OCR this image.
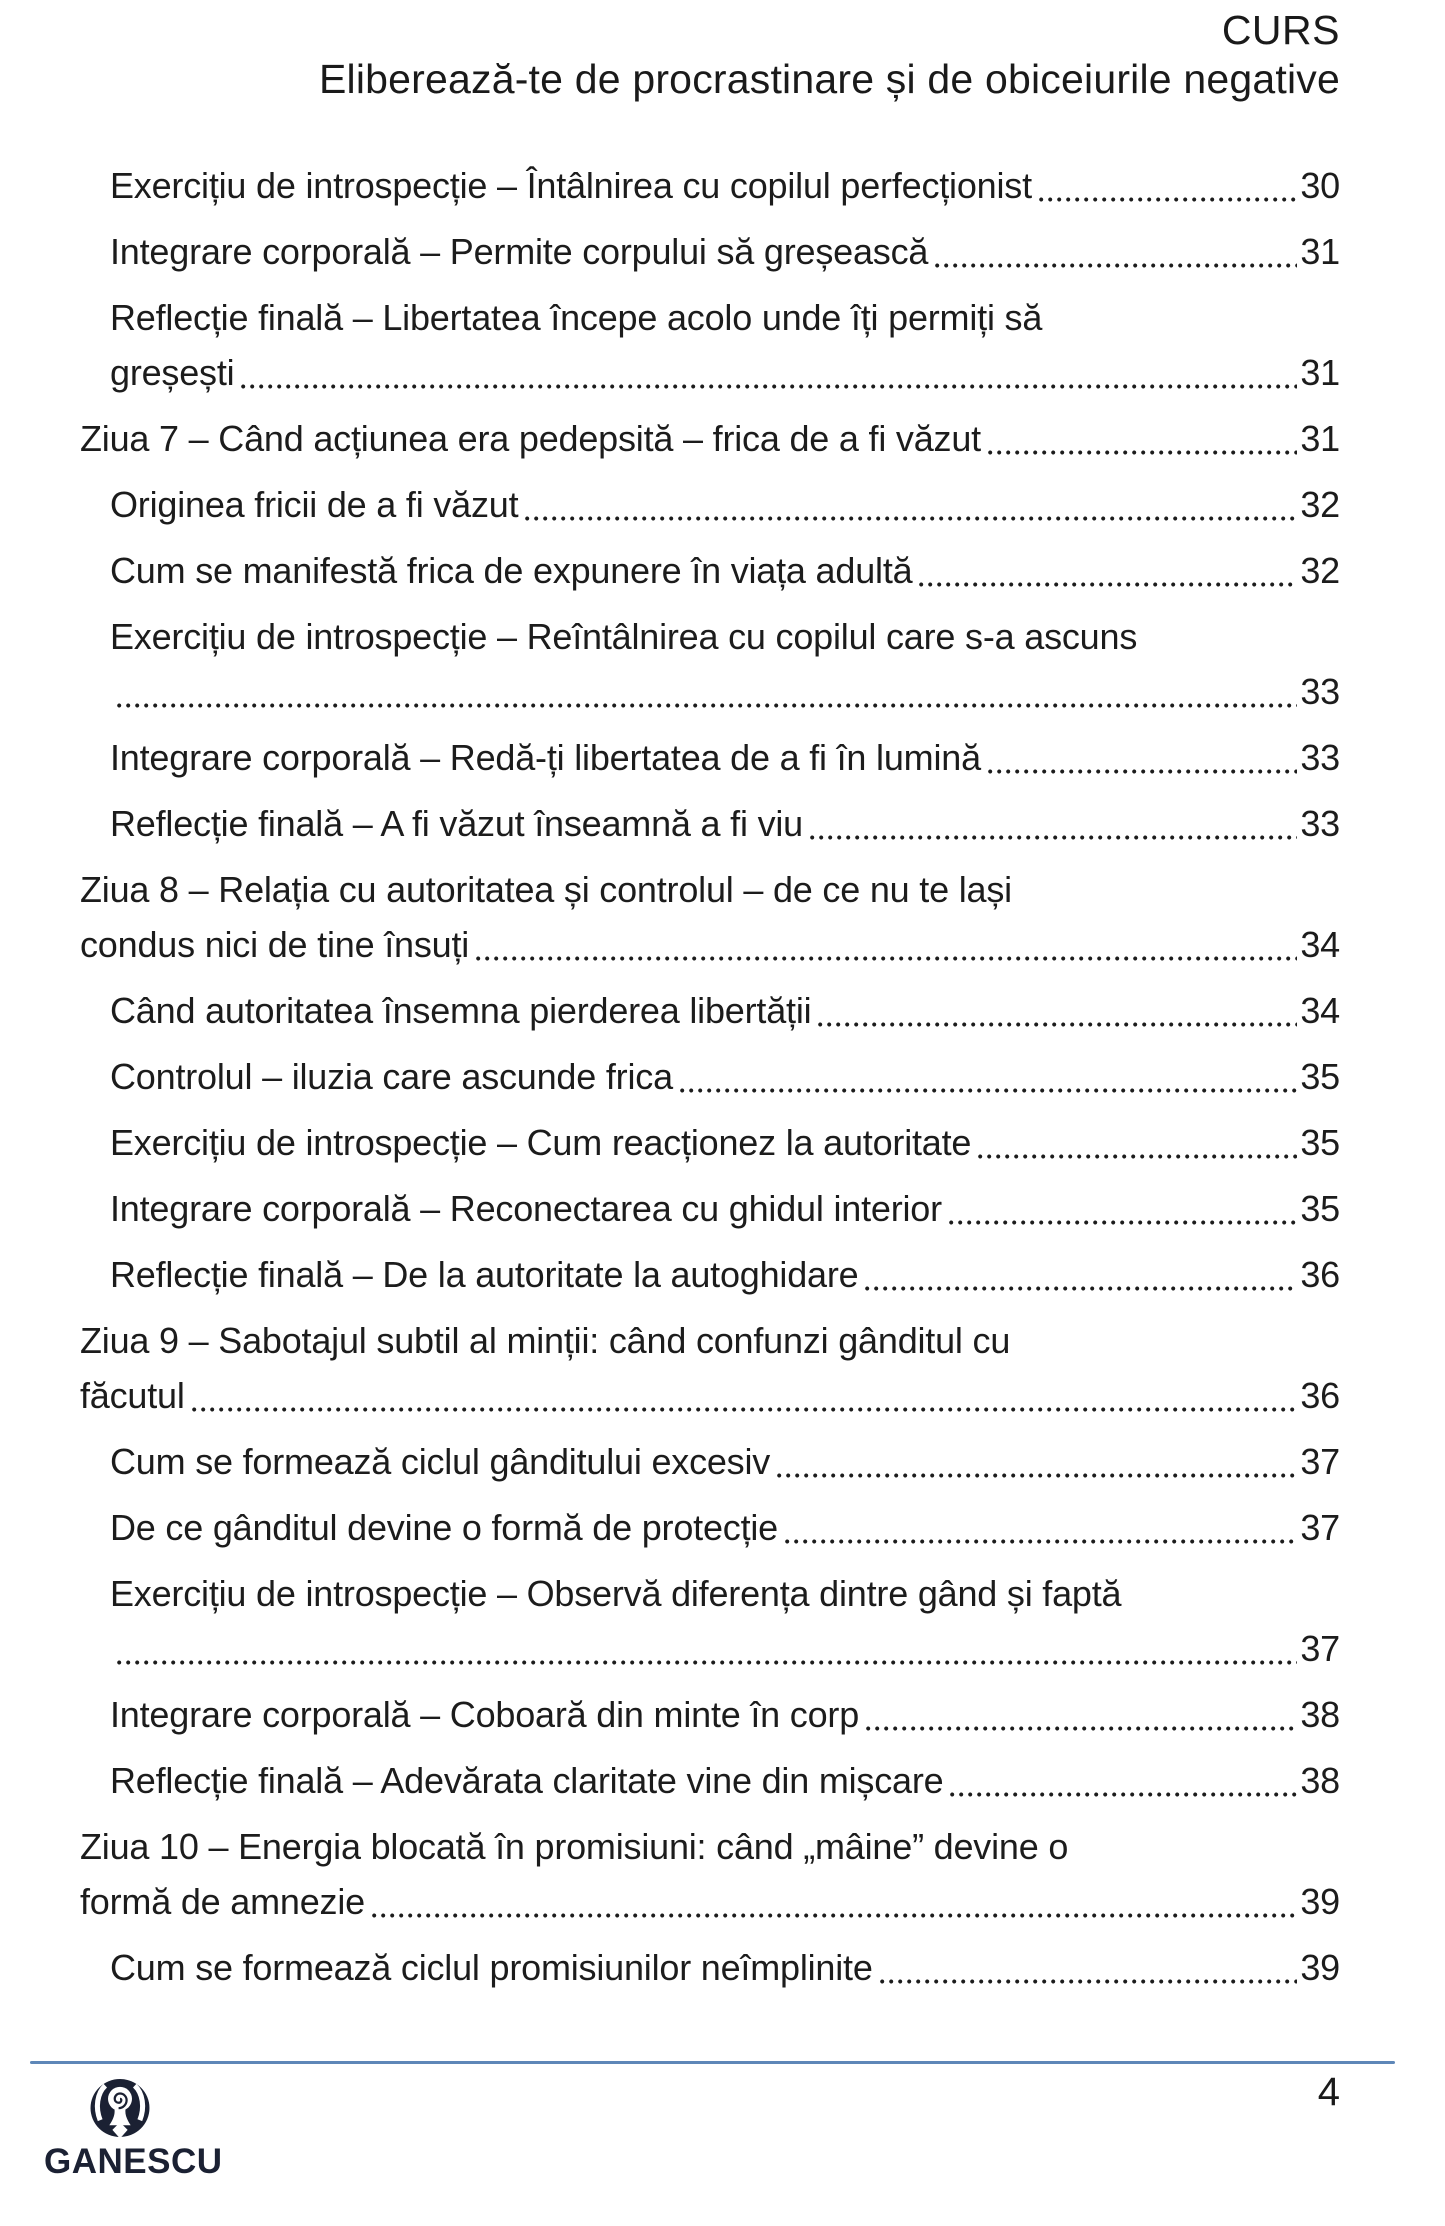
CURS
Eliberează-te de procrastinare și de obiceiurile negative
Exercițiu de introspecție – Întâlnirea cu copilul perfecționist	30
Integrare corporală – Permite corpului să greșească	31
Reflecție finală – Libertatea începe acolo unde îți permiți să
greșești	31
Ziua 7 – Când acțiunea era pedepsită – frica de a fi văzut	31
Originea fricii de a fi văzut	32
Cum se manifestă frica de expunere în viața adultă	32
Exercițiu de introspecție – Reîntâlnirea cu copilul care s-a ascuns
33
Integrare corporală – Redă-ți libertatea de a fi în lumină	33
Reflecție finală – A fi văzut înseamnă a fi viu	33
Ziua 8 – Relația cu autoritatea și controlul – de ce nu te lași
condus nici de tine însuți	34
Când autoritatea însemna pierderea libertății	34
Controlul – iluzia care ascunde frica	35
Exercițiu de introspecție – Cum reacționez la autoritate	35
Integrare corporală – Reconectarea cu ghidul interior	35
Reflecție finală – De la autoritate la autoghidare	36
Ziua 9 – Sabotajul subtil al minții: când confunzi gânditul cu
făcutul	36
Cum se formează ciclul gânditului excesiv	37
De ce gânditul devine o formă de protecție	37
Exercițiu de introspecție – Observă diferența dintre gând și faptă
37
Integrare corporală – Coboară din minte în corp	38
Reflecție finală – Adevărata claritate vine din mișcare	38
Ziua 10 – Energia blocată în promisiuni: când „mâine” devine o
formă de amnezie	39
Cum se formează ciclul promisiunilor neîmplinite	39
4
GANESCU
